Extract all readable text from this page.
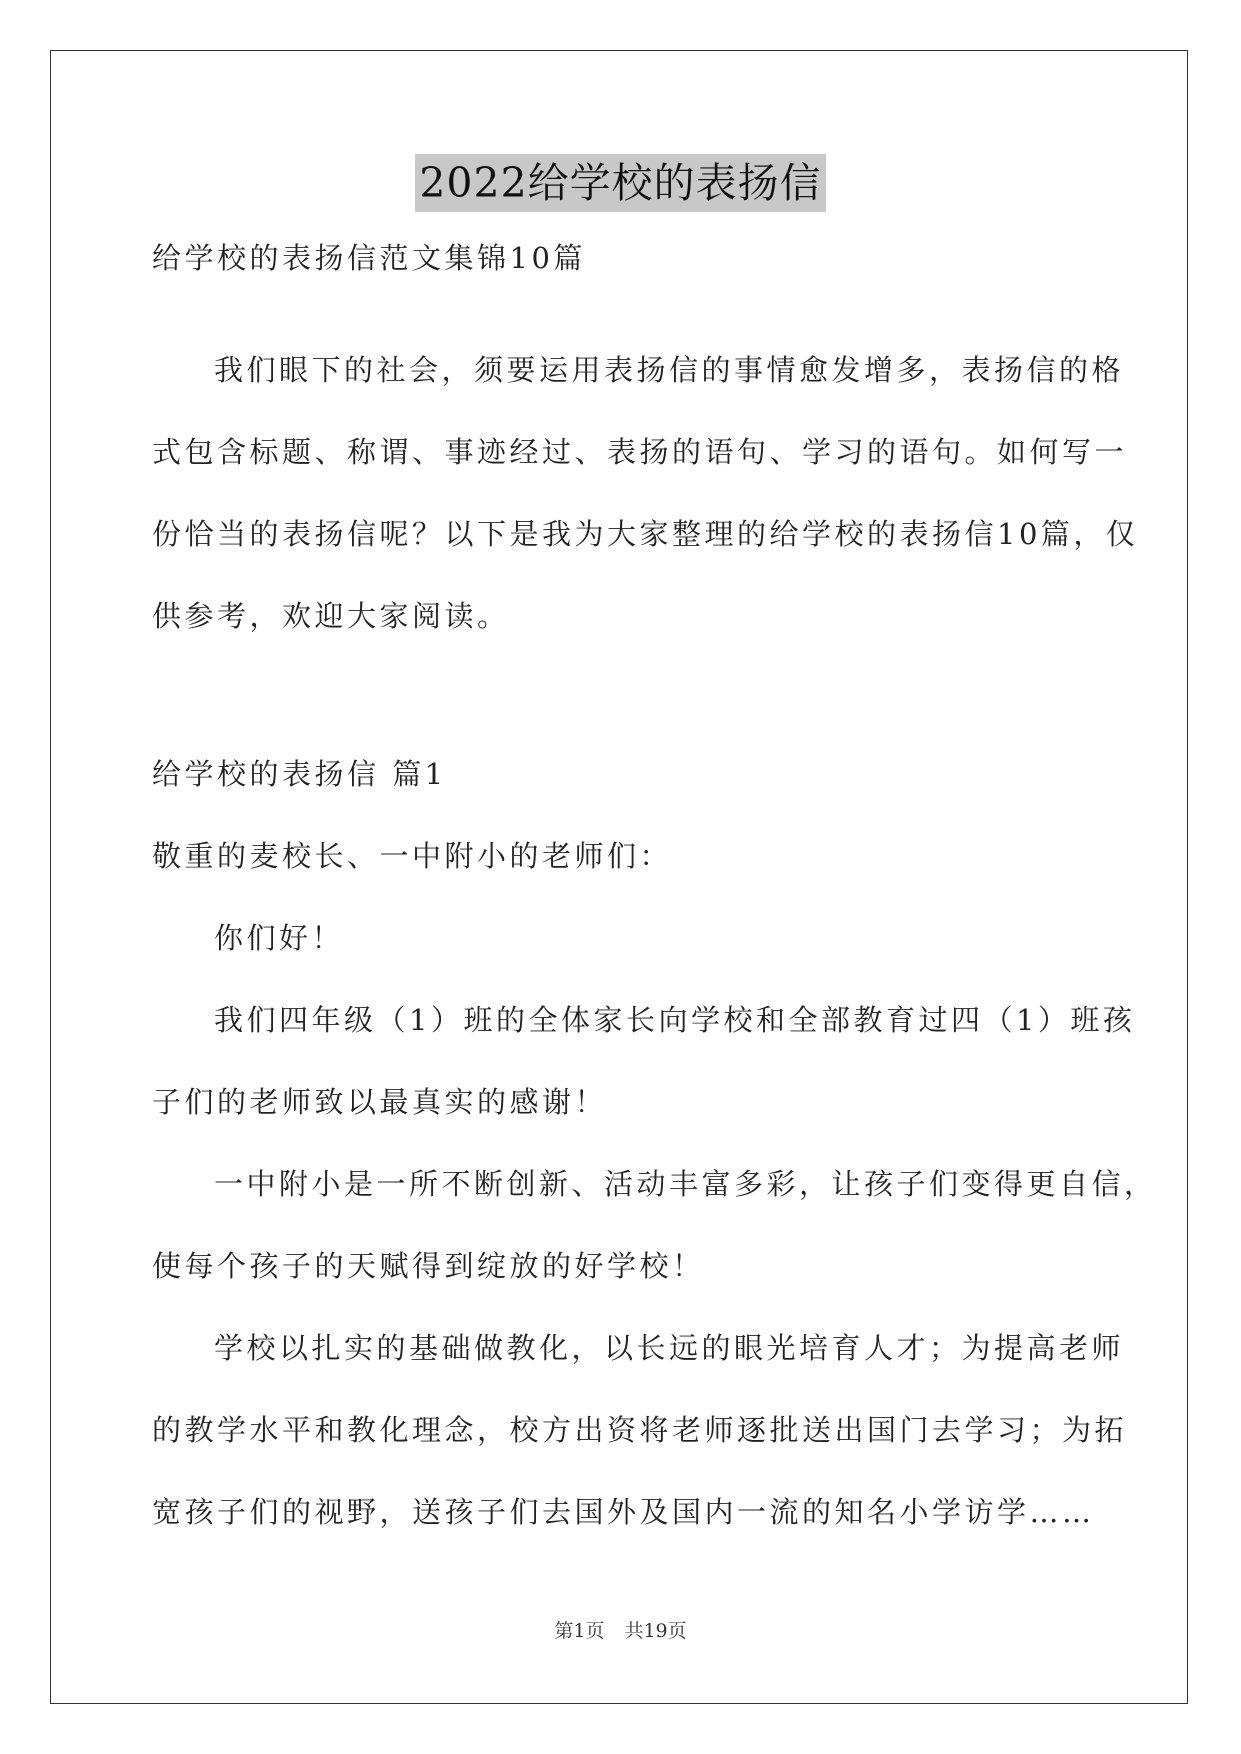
2022给学校的表扬信
给学校的表扬信范文集锦10篇
我们眼下的社会，须要运用表扬信的事情愈发增多，表扬信的格
式包含标题、称谓、事迹经过、表扬的语句、学习的语句。如何写一
份恰当的表扬信呢？以下是我为大家整理的给学校的表扬信10篇，仅
供参考，欢迎大家阅读。
给学校的表扬信 篇1
敬重的麦校长、一中附小的老师们：
你们好！
我们四年级（1）班的全体家长向学校和全部教育过四（1）班孩
子们的老师致以最真实的感谢！
一中附小是一所不断创新、活动丰富多彩，让孩子们变得更自信，
使每个孩子的天赋得到绽放的好学校！
学校以扎实的基础做教化，以长远的眼光培育人才；为提高老师
的教学水平和教化理念，校方出资将老师逐批送出国门去学习；为拓
宽孩子们的视野，送孩子们去国外及国内一流的知名小学访学……
第1页 共19页
